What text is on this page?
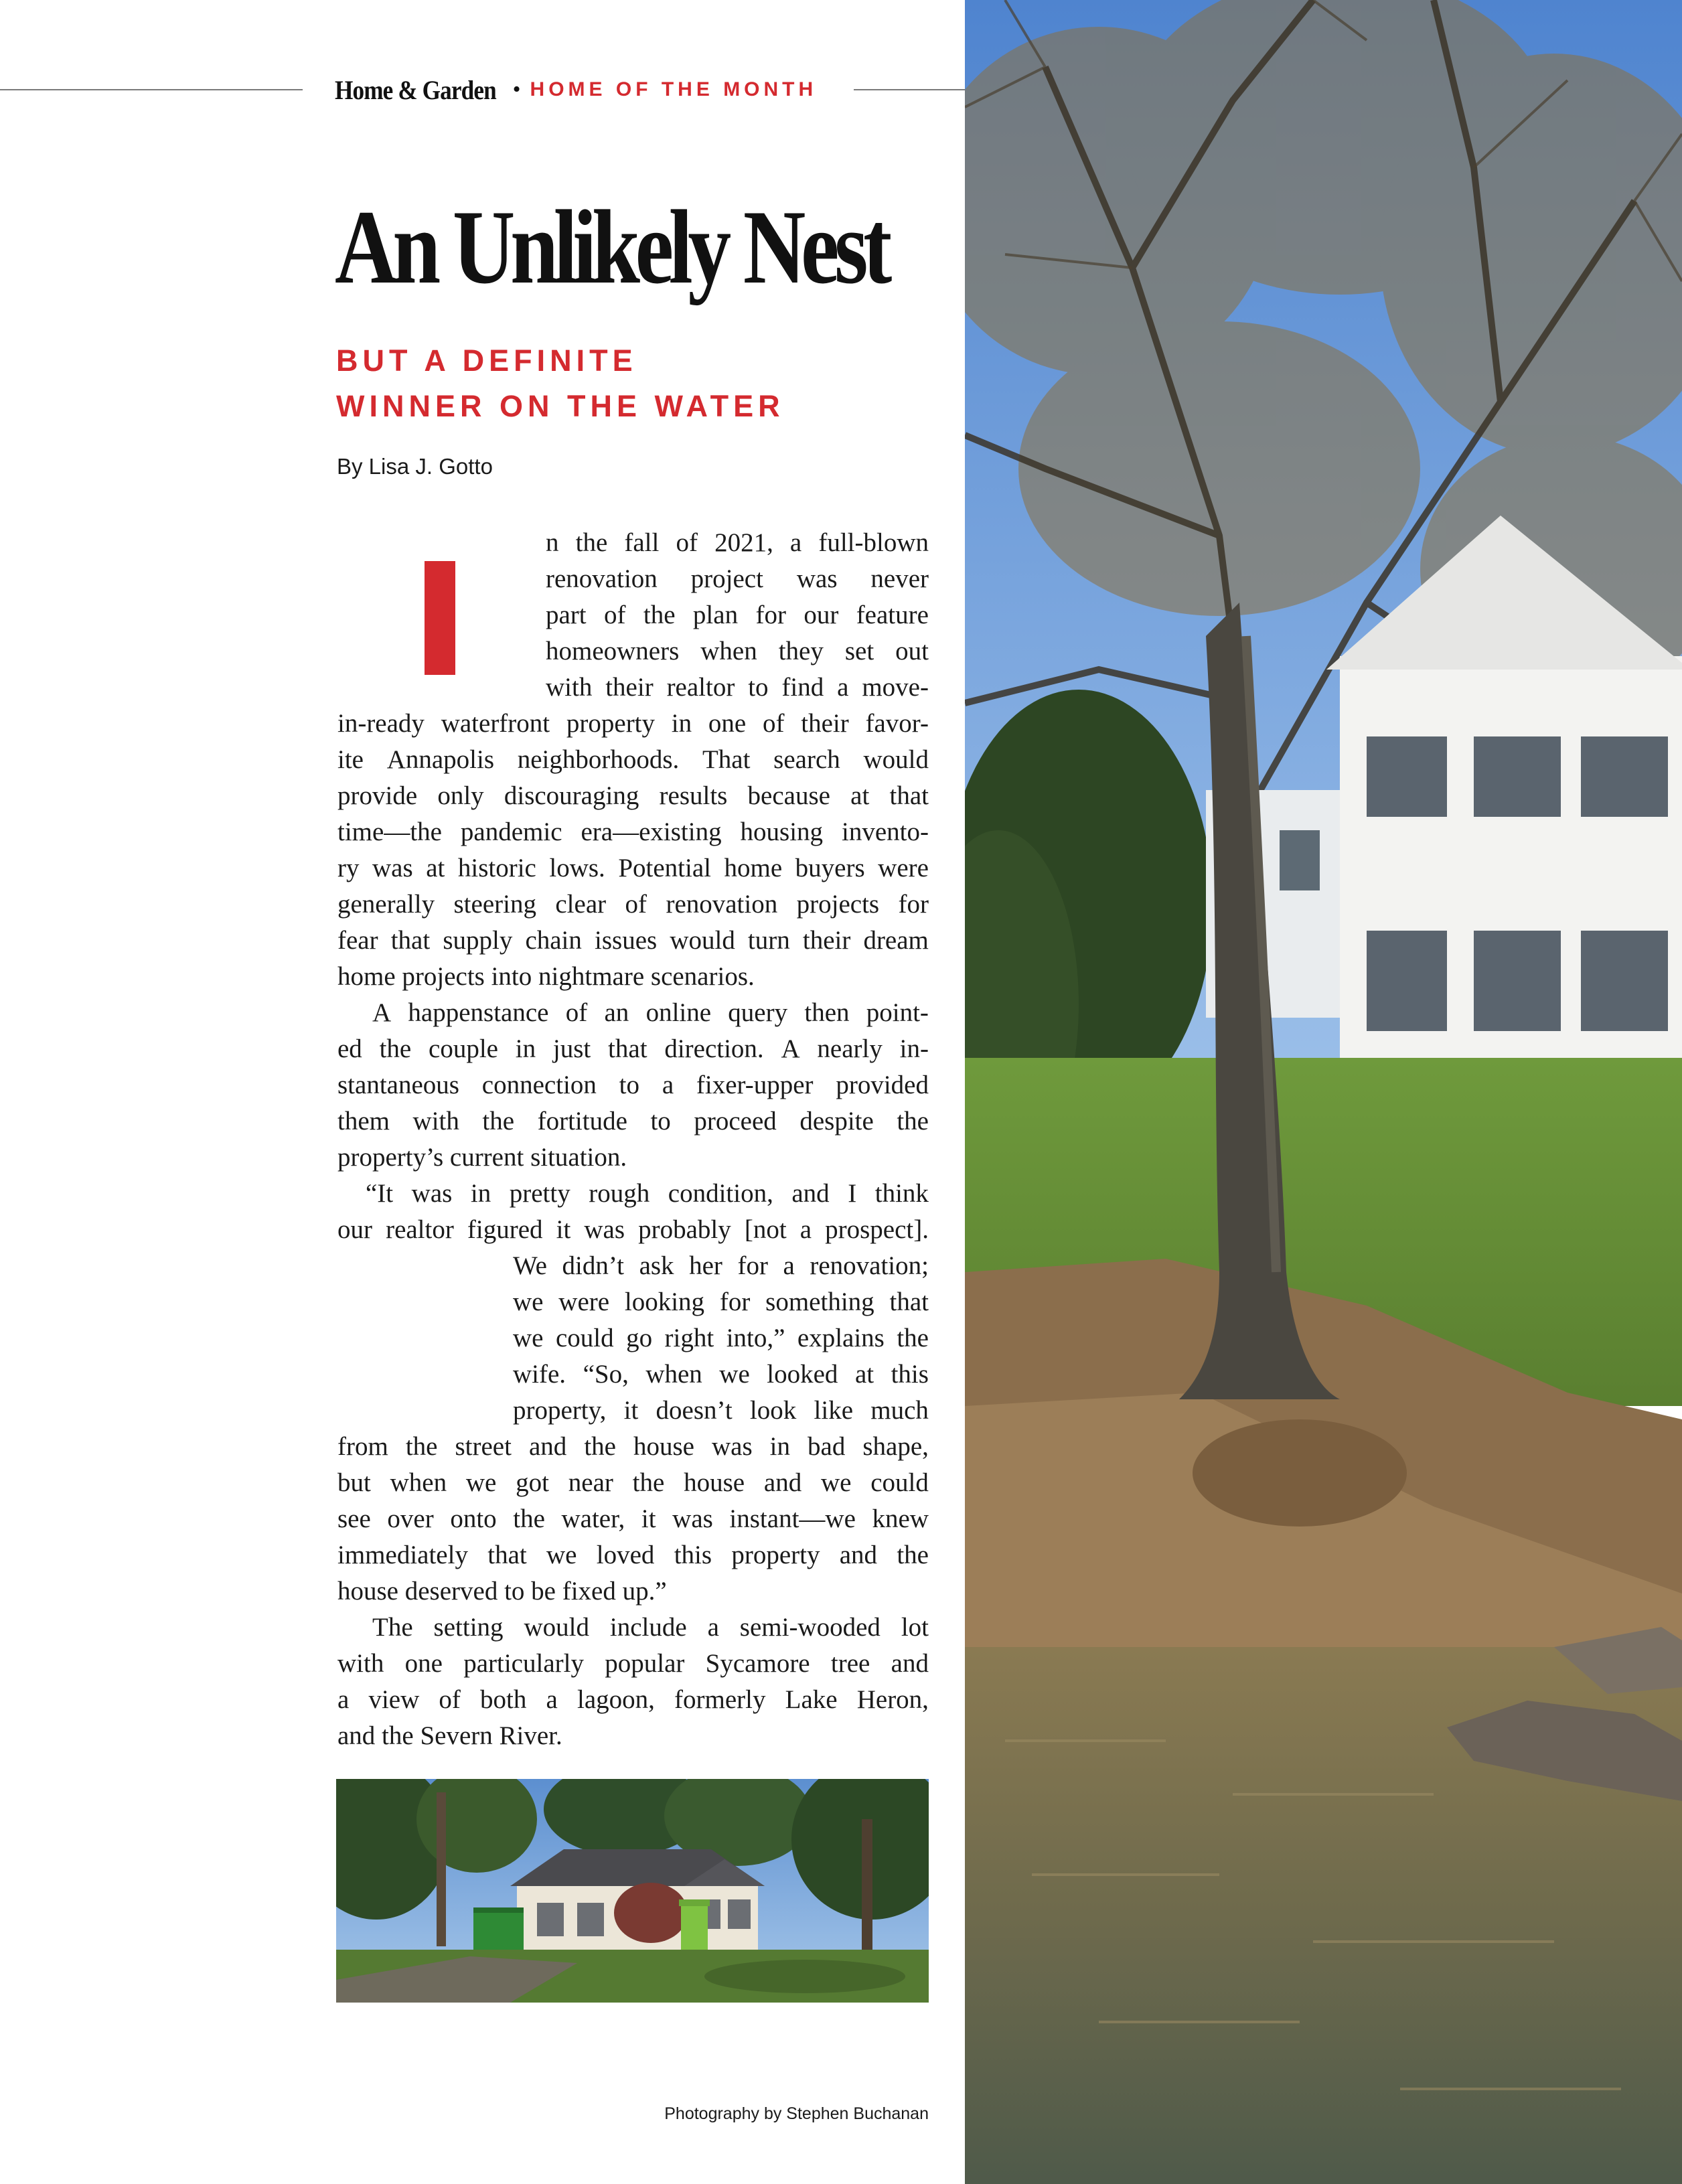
Home & Garden • HOME OF THE MONTH
An Unlikely Nest
BUT A DEFINITE
WINNER ON THE WATER
By Lisa J. Gotto
I
n the fall of 2021, a full-blown
renovation project was never
part of the plan for our feature
homeowners when they set out
with their realtor to find a move-
in-ready waterfront property in one of their favor-
ite Annapolis neighborhoods. That search would
provide only discouraging results because at that
time—the pandemic era—existing housing invento-
ry was at historic lows. Potential home buyers were
generally steering clear of renovation projects for
fear that supply chain issues would turn their dream
home projects into nightmare scenarios.
A happenstance of an online query then point-
ed the couple in just that direction. A nearly in-
stantaneous connection to a fixer-upper provided
them with the fortitude to proceed despite the
property’s current situation.
“It was in pretty rough condition, and I think
our realtor figured it was probably [not a prospect].
We didn’t ask her for a renovation;
we were looking for something that
we could go right into,” explains the
wife. “So, when we looked at this
property, it doesn’t look like much
from the street and the house was in bad shape,
but when we got near the house and we could
see over onto the water, it was instant—we knew
immediately that we loved this property and the
house deserved to be fixed up.”
The setting would include a semi-wooded lot
with one particularly popular Sycamore tree and
a view of both a lagoon, formerly Lake Heron,
and the Severn River.
Photography by Stephen Buchanan
